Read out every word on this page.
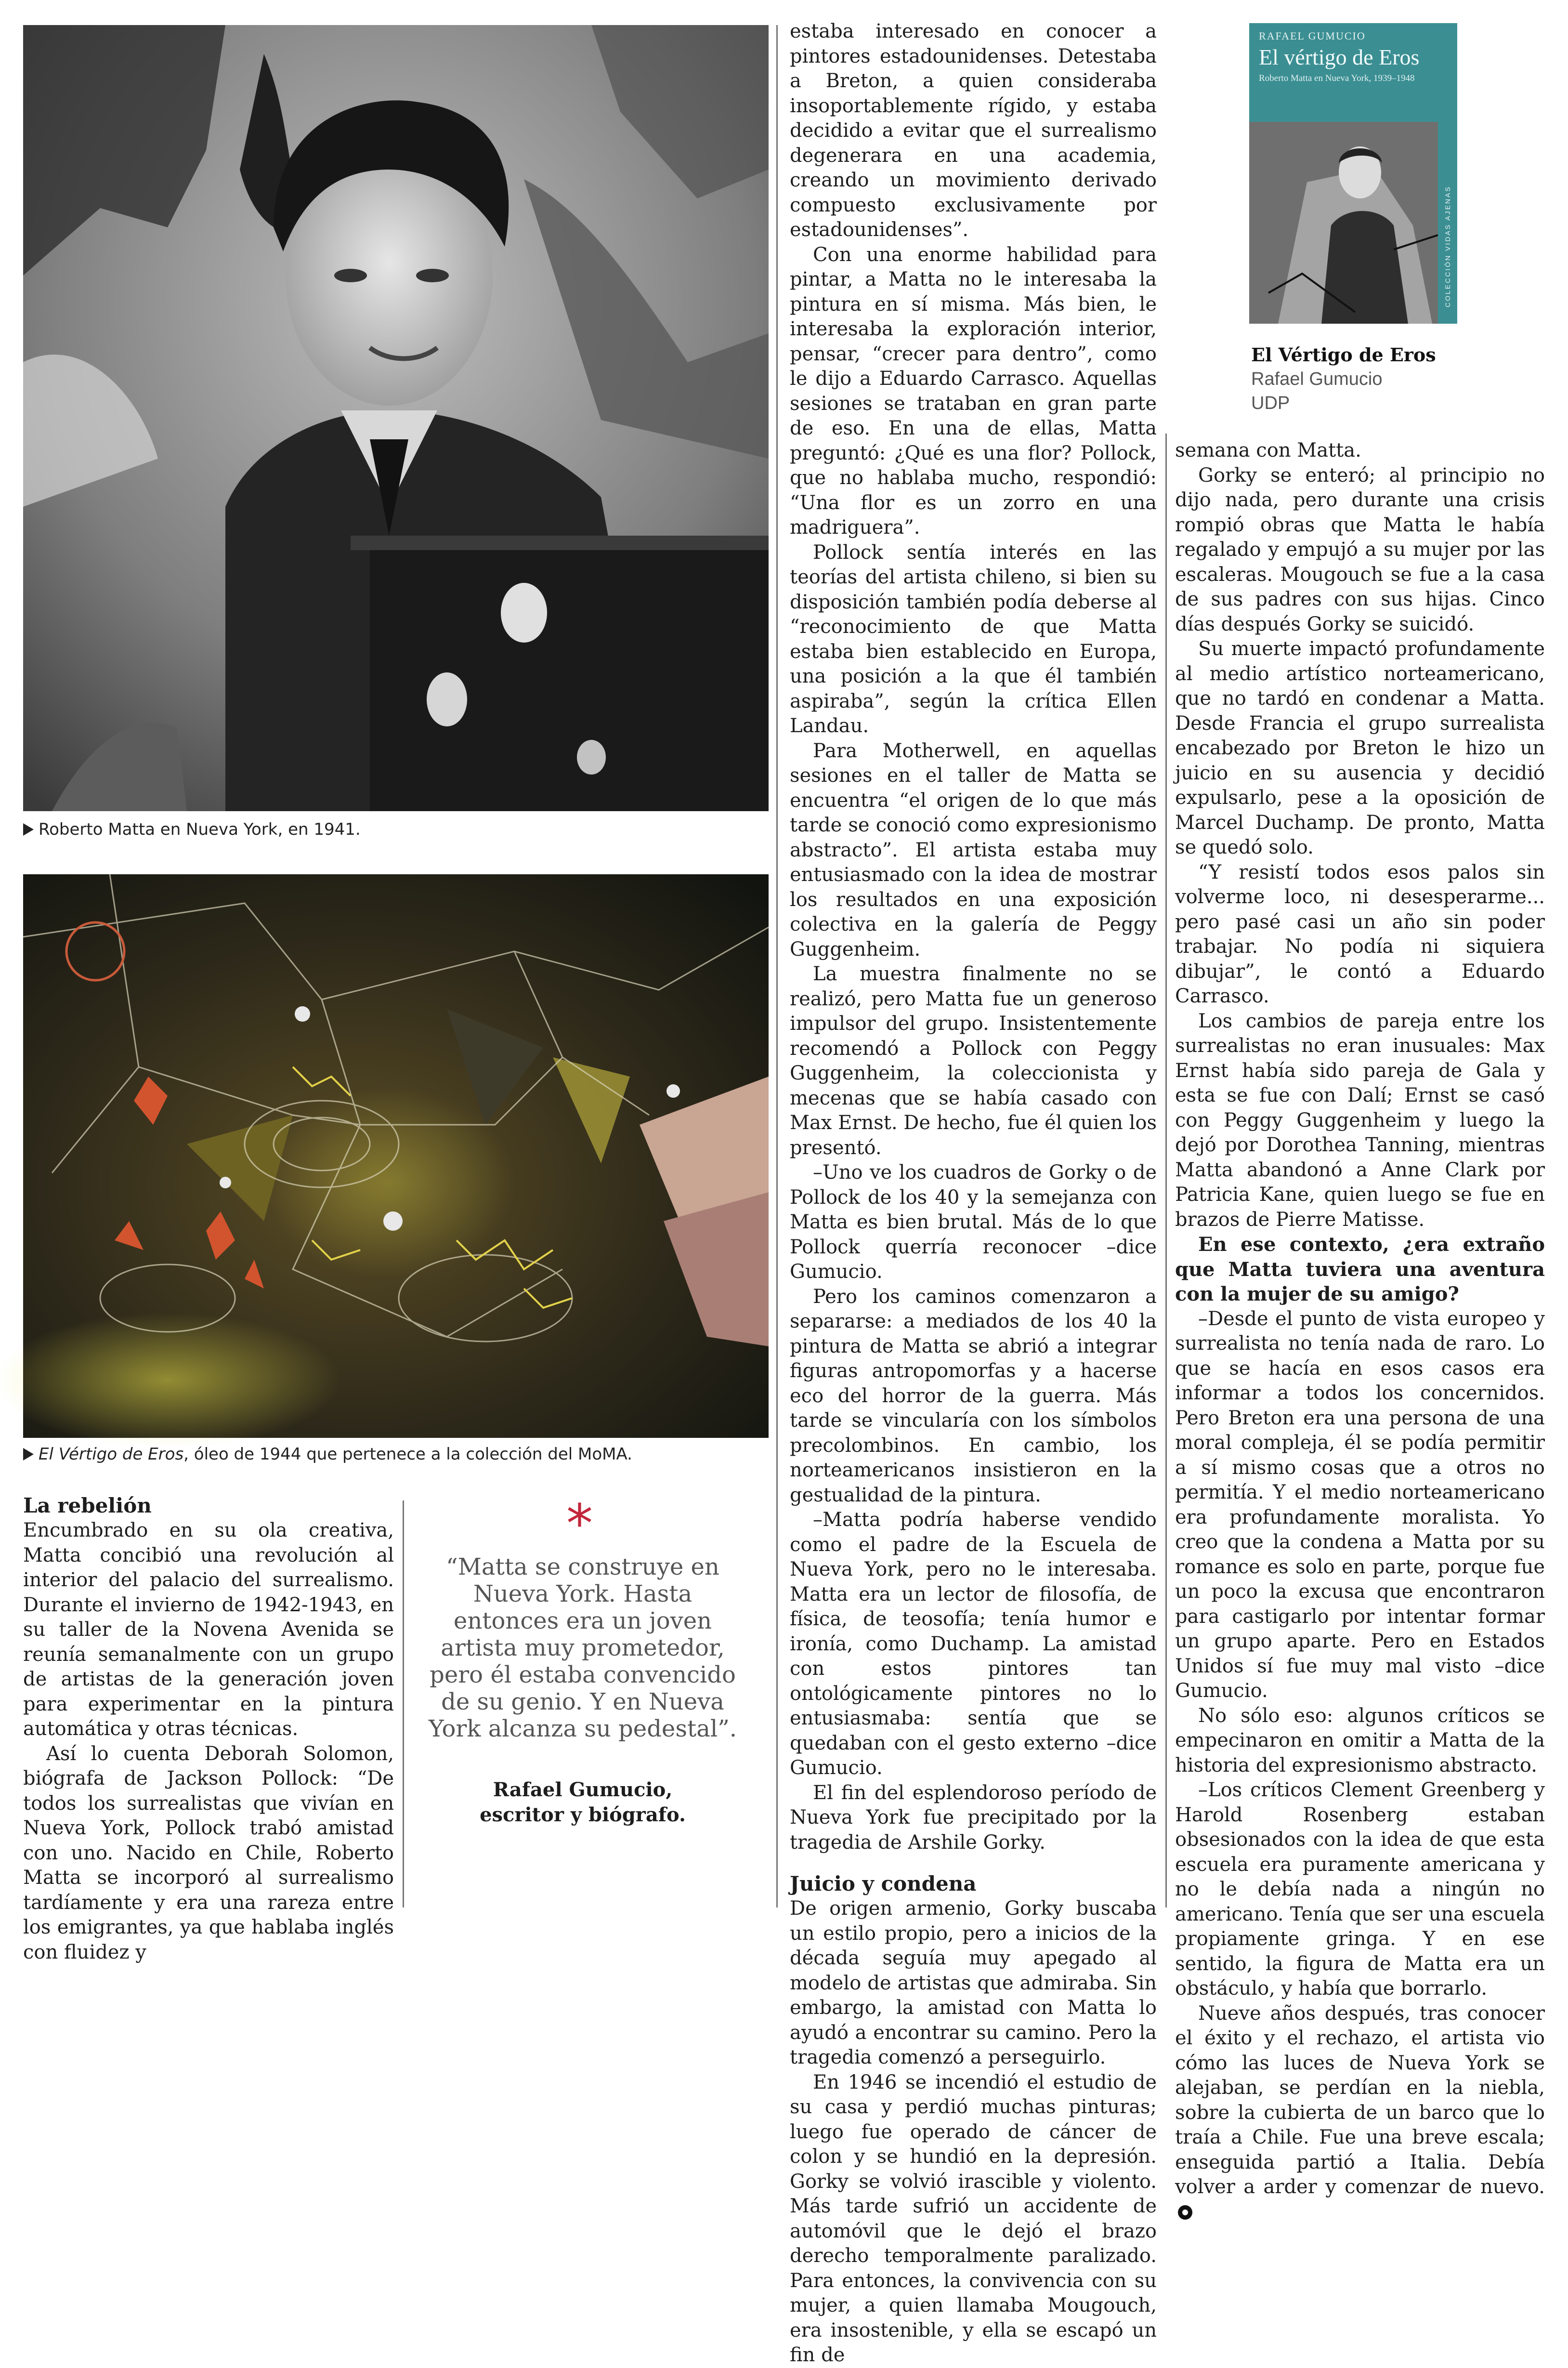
Roberto Matta en Nueva York, en 1941.
El Vértigo de Eros, óleo de 1944 que pertenece a la colección del MoMA.
La rebelión

Encumbrado en su ola creativa, Matta concibió una revolución al interior del palacio del surrealismo. Durante el invierno de 1942-1943, en su taller de la Novena Avenida se reunía semanalmente con un grupo de artistas de la generación joven para experimentar en la pintura automática y otras técnicas.

Así lo cuenta Deborah Solomon, biógrafa de Jackson Pollock: “De todos los surrealistas que vivían en Nueva York, Pollock trabó amistad con uno. Nacido en Chile, Roberto Matta se incorporó al surrealismo tardíamente y era una rareza entre los emigrantes, ya que hablaba inglés con fluidez y

*
“Matta se construye en Nueva York. Hasta entonces era un joven artista muy prometedor, pero él estaba convencido de su genio. Y en Nueva York alcanza su pedestal”.
Rafael Gumucio,
escritor y biógrafo.

estaba interesado en conocer a pintores estadounidenses. Detestaba a Breton, a quien consideraba insoportablemente rígido, y estaba decidido a evitar que el surrealismo degenerara en una academia, creando un movimiento derivado compuesto exclusivamente por estadounidenses”.

Con una enorme habilidad para pintar, a Matta no le interesaba la pintura en sí misma. Más bien, le interesaba la exploración interior, pensar, “crecer para dentro”, como le dijo a Eduardo Carrasco. Aquellas sesiones se trataban en gran parte de eso. En una de ellas, Matta preguntó: ¿Qué es una flor? Pollock, que no hablaba mucho, respondió: “Una flor es un zorro en una madriguera”.

Pollock sentía interés en las teorías del artista chileno, si bien su disposición también podía deberse al “reconocimiento de que Matta estaba bien establecido en Europa, una posición a la que él también aspiraba”, según la crítica Ellen Landau.

Para Motherwell, en aquellas sesiones en el taller de Matta se encuentra “el origen de lo que más tarde se conoció como expresionismo abstracto”. El artista estaba muy entusiasmado con la idea de mostrar los resultados en una exposición colectiva en la galería de Peggy Guggenheim.

La muestra finalmente no se realizó, pero Matta fue un generoso impulsor del grupo. Insistentemente recomendó a Pollock con Peggy Guggenheim, la coleccionista y mecenas que se había casado con Max Ernst. De hecho, fue él quien los presentó.

–Uno ve los cuadros de Gorky o de Pollock de los 40 y la semejanza con Matta es bien brutal. Más de lo que Pollock querría reconocer –dice Gumucio.

Pero los caminos comenzaron a separarse: a mediados de los 40 la pintura de Matta se abrió a integrar figuras antropomorfas y a hacerse eco del horror de la guerra. Más tarde se vincularía con los símbolos precolombinos. En cambio, los norteamericanos insistieron en la gestualidad de la pintura.

–Matta podría haberse vendido como el padre de la Escuela de Nueva York, pero no le interesaba. Matta era un lector de filosofía, de física, de teosofía; tenía humor e ironía, como Duchamp. La amistad con estos pintores tan ontológicamente pintores no lo entusiasmaba: sentía que se quedaban con el gesto externo –dice Gumucio.

El fin del esplendoroso período de Nueva York fue precipitado por la tragedia de Arshile Gorky.

Juicio y condena

De origen armenio, Gorky buscaba un estilo propio, pero a inicios de la década seguía muy apegado al modelo de artistas que admiraba. Sin embargo, la amistad con Matta lo ayudó a encontrar su camino. Pero la tragedia comenzó a perseguirlo.

En 1946 se incendió el estudio de su casa y perdió muchas pinturas; luego fue operado de cáncer de colon y se hundió en la depresión. Gorky se volvió irascible y violento. Más tarde sufrió un accidente de automóvil que le dejó el brazo derecho temporalmente paralizado. Para entonces, la convivencia con su mujer, a quien llamaba Mougouch, era insostenible, y ella se escapó un fin de

RAFAEL GUMUCIO
El vértigo de Eros
Roberto Matta en Nueva York, 1939–1948
COLECCIÓN VIDAS AJENAS
El Vértigo de Eros
Rafael Gumucio
UDP

semana con Matta.

Gorky se enteró; al principio no dijo nada, pero durante una crisis rompió obras que Matta le había regalado y empujó a su mujer por las escaleras. Mougouch se fue a la casa de sus padres con sus hijas. Cinco días después Gorky se suicidó.

Su muerte impactó profundamente al medio artístico norteamericano, que no tardó en condenar a Matta. Desde Francia el grupo surrealista encabezado por Breton le hizo un juicio en su ausencia y decidió expulsarlo, pese a la oposición de Marcel Duchamp. De pronto, Matta se quedó solo.

“Y resistí todos esos palos sin volverme loco, ni desesperarme... pero pasé casi un año sin poder trabajar. No podía ni siquiera dibujar”, le contó a Eduardo Carrasco.

Los cambios de pareja entre los surrealistas no eran inusuales: Max Ernst había sido pareja de Gala y esta se fue con Dalí; Ernst se casó con Peggy Guggenheim y luego la dejó por Dorothea Tanning, mientras Matta abandonó a Anne Clark por Patricia Kane, quien luego se fue en brazos de Pierre Matisse.

En ese contexto, ¿era extraño que Matta tuviera una aventura con la mujer de su amigo?

–Desde el punto de vista europeo y surrealista no tenía nada de raro. Lo que se hacía en esos casos era informar a todos los concernidos. Pero Breton era una persona de una moral compleja, él se podía permitir a sí mismo cosas que a otros no permitía. Y el medio norteamericano era profundamente moralista. Yo creo que la condena a Matta por su romance es solo en parte, porque fue un poco la excusa que encontraron para castigarlo por intentar formar un grupo aparte. Pero en Estados Unidos sí fue muy mal visto –dice Gumucio.

No sólo eso: algunos críticos se empecinaron en omitir a Matta de la historia del expresionismo abstracto.

–Los críticos Clement Greenberg y Harold Rosenberg estaban obsesionados con la idea de que esta escuela era puramente americana y no le debía nada a ningún no americano. Tenía que ser una escuela propiamente gringa. Y en ese sentido, la figura de Matta era un obstáculo, y había que borrarlo.

Nueve años después, tras conocer el éxito y el rechazo, el artista vio cómo las luces de Nueva York se alejaban, se perdían en la niebla, sobre la cubierta de un barco que lo traía a Chile. Fue una breve escala; enseguida partió a Italia. Debía volver a arder y comenzar de nuevo.
